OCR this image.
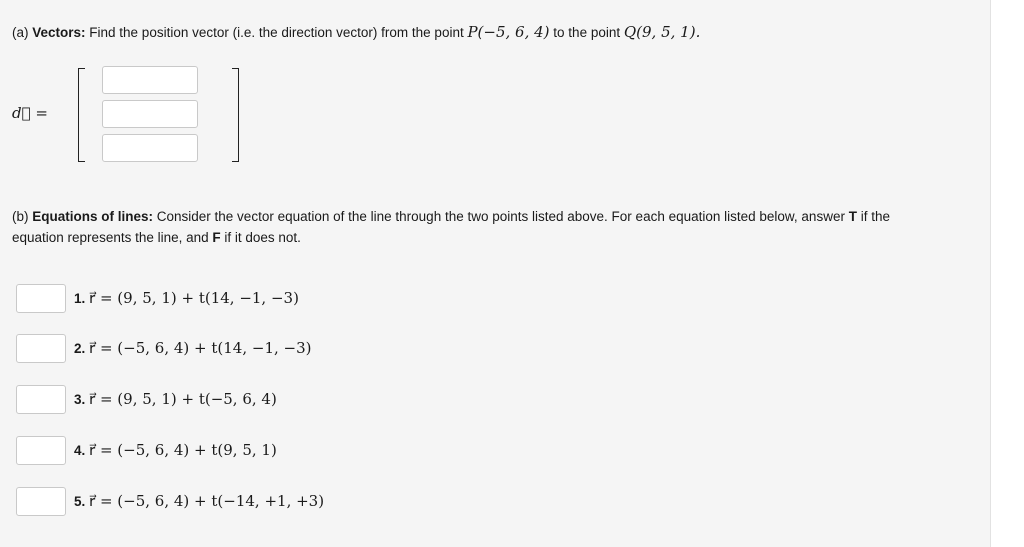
(a) Vectors: Find the position vector (i.e. the direction vector) from the point P(−5, 6, 4) to the point Q(9, 5, 1).
d⃗ =
(b) Equations of lines: Consider the vector equation of the line through the two points listed above. For each equation listed below, answer T if the
equation represents the line, and F if it does not.
1. r⃗ = (9, 5, 1) + t(14, −1, −3)
2. r⃗ = (−5, 6, 4) + t(14, −1, −3)
3. r⃗ = (9, 5, 1) + t(−5, 6, 4)
4. r⃗ = (−5, 6, 4) + t(9, 5, 1)
5. r⃗ = (−5, 6, 4) + t(−14, +1, +3)
